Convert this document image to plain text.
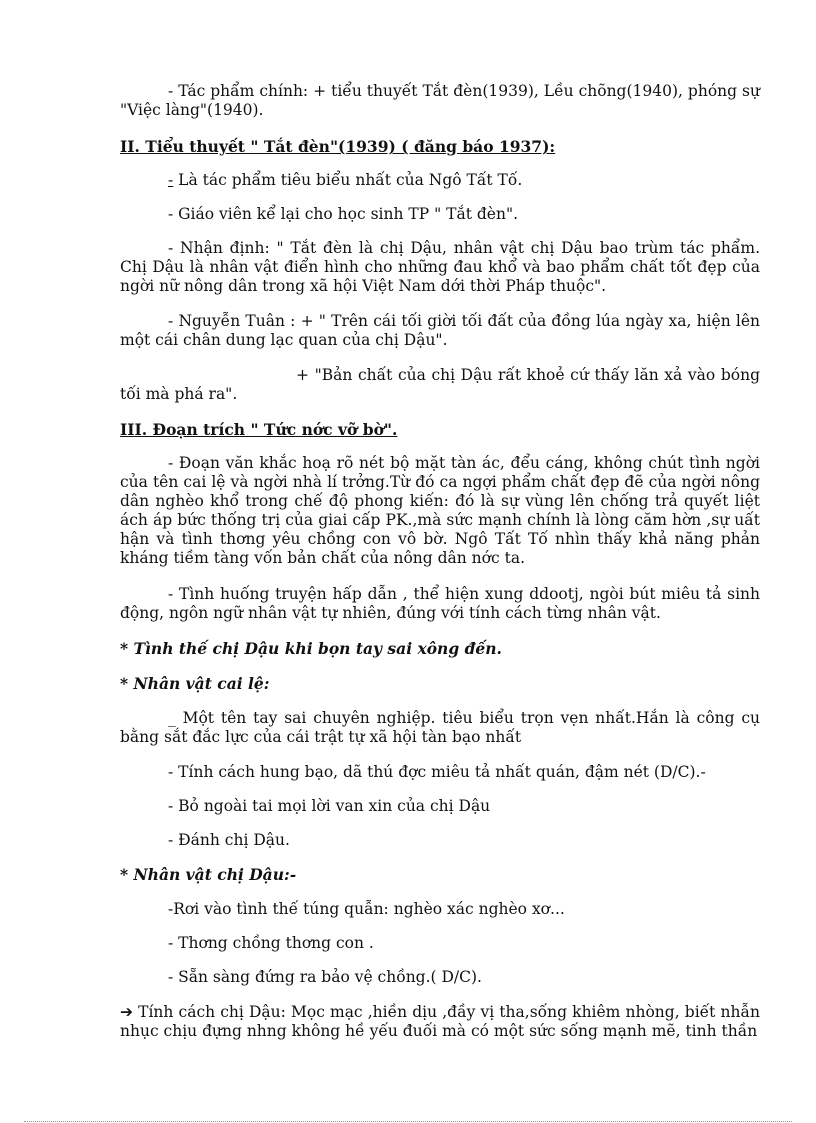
- Tác phẩm chính: + tiểu thuyết Tắt đèn(1939), Lều chõng(1940), phóng sự "Việc làng"(1940).

II. Tiểu thuyết " Tắt đèn"(1939) ( đăng báo 1937):

- Là tác phẩm tiêu biểu nhất của Ngô Tất Tố.

- Giáo viên kể lại cho học sinh TP " Tắt đèn".

- Nhận định: " Tắt đèn là chị Dậu, nhân vật chị Dậu bao trùm tác phẩm. Chị Dậu là nhân vật điển hình cho những đau khổ và bao phẩm chất tốt đẹp của ngời nữ nông dân trong xã hội Việt Nam dới thời Pháp thuộc".

- Nguyễn Tuân : + " Trên cái tối giời tối đất của đồng lúa ngày xa, hiện lên một cái chân dung lạc quan của chị Dậu".

+ "Bản chất của chị Dậu rất khoẻ cứ thấy lăn xả vào bóng tối mà phá ra".

III. Đoạn trích " Tức nớc vỡ bờ".

- Đoạn văn khắc hoạ rõ nét bộ mặt tàn ác, đểu cáng, không chút tình ngời của tên cai lệ và ngời nhà lí trởng.Từ đó ca ngợi phẩm chất đẹp đẽ của ngời nông dân nghèo khổ trong chế độ phong kiến: đó là sự vùng lên chống trả quyết liệt ách áp bức thống trị của giai cấp PK.,mà sức mạnh chính là lòng căm hờn ,sự uất hận và tình thơng yêu chồng con vô bờ. Ngô Tất Tố nhìn thấy khả năng phản kháng tiềm tàng vốn bản chất của nông dân nớc ta.

- Tình huống truyện hấp dẫn , thể hiện xung ddootj, ngòi bút miêu tả sinh động, ngôn ngữ nhân vật tự nhiên, đúng với tính cách từng nhân vật.

* Tình thế chị Dậu khi bọn tay sai xông đến.

* Nhân vật cai lệ:

_ Một tên tay sai chuyên nghiệp. tiêu biểu trọn vẹn nhất.Hắn là công cụ bằng sắt đắc lực của cái trật tự xã hội tàn bạo nhất

- Tính cách hung bạo, dã thú đợc miêu tả nhất quán, đậm nét (D/C).-

- Bỏ ngoài tai mọi lời van xin của chị Dậu

- Đánh chị Dậu.

* Nhân vật chị Dậu:-

-Rơi vào tình thế túng quẫn: nghèo xác nghèo xơ...

- Thơng chồng thơng con .

- Sẵn sàng đứng ra bảo vệ chồng.( D/C).

➔ Tính cách chị Dậu: Mọc mạc ,hiền dịu ,đầy vị tha,sống khiêm nhòng, biết nhẫn nhục chịu đựng nhng không hề yếu đuối mà có một sức sống mạnh mẽ, tinh thần
